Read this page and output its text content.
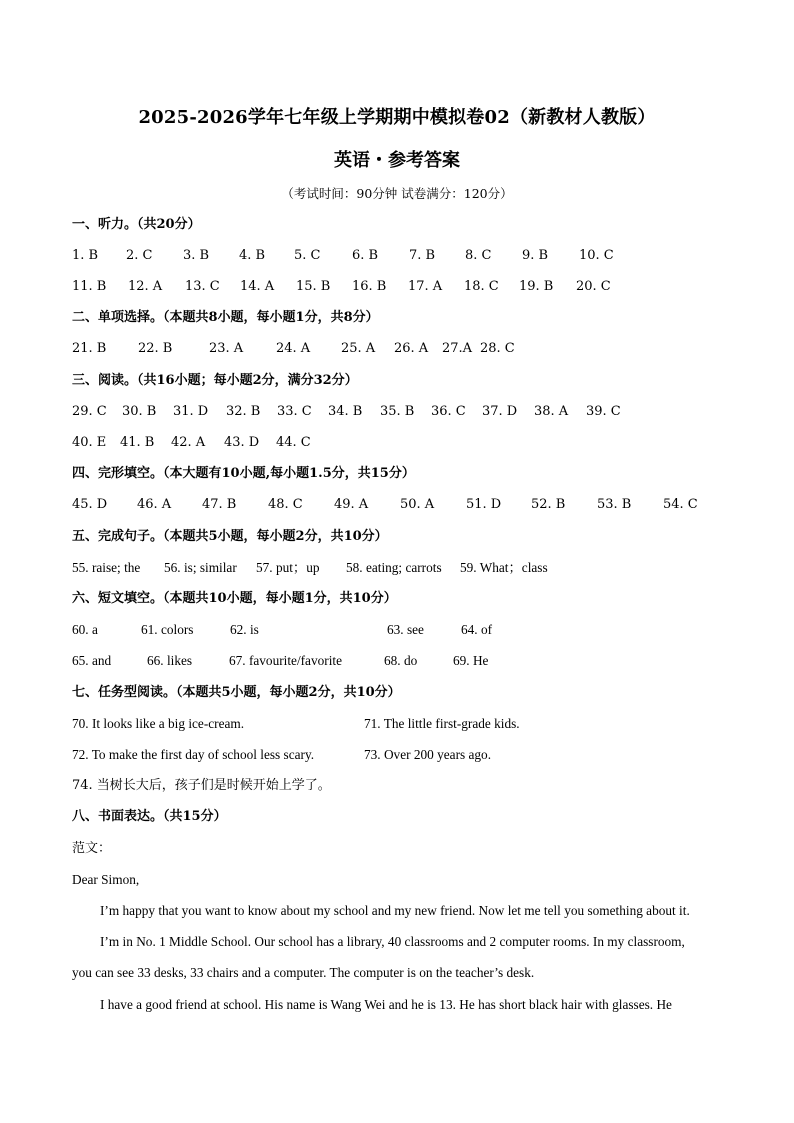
2025-2026学年七年级上学期期中模拟卷02（新教材人教版）
英语・参考答案
（考试时间：90分钟 试卷满分：120分）
一、听力。（共20分）
1. B 2. C 3. B 4. B 5. C 6. B 7. B 8. C 9. B 10. C
11. B 12. A 13. C 14. A 15. B 16. B 17. A 18. C 19. B 20. C
二、单项选择。（本题共8小题，每小题1分，共8分）
21. B 22. B	23. A	24. A 25. A 26. A 27.A 28. C
三、阅读。（共16小题；每小题2分，满分32分）
29. C 30. B 31. D 32. B 33. C 34. B 35. B 36. C 37. D 38. A 39. C
40. E 41. B 42. A 43. D 44. C
四、完形填空。（本大题有10小题,每小题1.5分，共15分）
45. D 46. A 47. B 48. C 49. A 50. A 51. D 52. B 53. B 54. C
五、完成句子。（本题共5小题，每小题2分，共10分）
55. raise; the 56. is; similar 57. put；up 58. eating; carrots 59. What；class
六、短文填空。（本题共10小题，每小题1分，共10分）
60. a	61. colors	62. is	63. see	64. of
65. and	66. likes	67. favourite/favorite	68. do	69. He
七、任务型阅读。（本题共5小题，每小题2分，共10分）
70. It looks like a big ice-cream.	71. The little first-grade kids.
72. To make the first day of school less scary.	73. Over 200 years ago.
74. 当树长大后，孩子们是时候开始上学了。
八、书面表达。（共15分）
范文：
Dear Simon,
I’m happy that you want to know about my school and my new friend. Now let me tell you something about it.
I’m in No. 1 Middle School. Our school has a library, 40 classrooms and 2 computer rooms. In my classroom,
you can see 33 desks, 33 chairs and a computer. The computer is on the teacher’s desk.
I have a good friend at school. His name is Wang Wei and he is 13. He has short black hair with glasses. He
